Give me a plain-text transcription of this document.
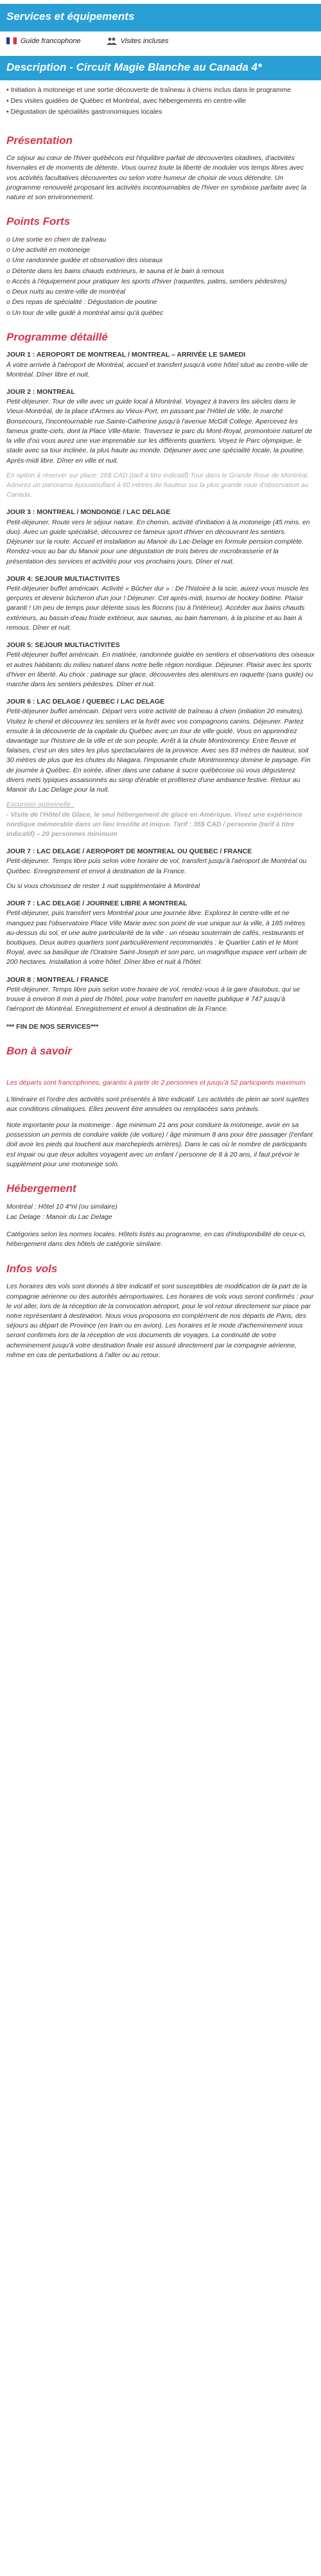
Services et équipements
Guide francophone	Visites incluses
Description - Circuit Magie Blanche au Canada 4*
• Initiation à motoneige et une sortie découverte de traîneau à chiens inclus dans le programme
• Des visites guidées de Québec et Montréal, avec hébergements en centre-ville
• Dégustation de spécialités gastronomiques locales
Présentation

Ce séjour au cœur de l'hiver québécois est l'équilibre parfait de découvertes citadines, d'activités hivernales et de moments de détente. Vous ourrez toute la liberté de moduler vos temps libres avec vos activités facultatives découvertes ou selon votre humeur de choisir de vous détendre. Un programme renouvelé proposant les activités incontournables de l'hiver en symbiose parfaite avec la nature et son environnement.

Points Forts
o Une sortie en chien de traîneau
o Une activité en motoneige
o Une randonnée guidée et observation des oiseaux
o Détente dans les bains chauds extérieurs, le sauna et le bain à remous
o Accès à l'équipement pour pratiquer les sports d'hiver (raquettes, patins, sentiers pédestres)
o Deux nuits au centre-ville de montréal
o Des repas de spécialité : Dégustation de poutine
o Un tour de ville guidé à montréal ainsi qu'à québec
Programme détaillé
JOUR 1 : AEROPORT DE MONTREAL / MONTREAL – ARRIVÉE LE SAMEDI
À votre arrivée à l'aéroport de Montréal, accueil et transfert jusqu'à votre hôtel situé au centre-ville de Montréal. Dîner libre et nuit.
JOUR 2 : MONTREAL
Petit-déjeuner. Tour de ville avec un guide local à Montréal. Voyagez à travers les siècles dans le Vieux-Montréal, de la place d'Armes au Vieux-Port, en passant par l'Hôtel de Ville, le marché Bonsecours, l'incontournable rue Sainte-Catherine jusqu'à l'avenue McGill College. Apercevez les fameux gratte-ciels, dont la Place Ville-Marie. Traversez le parc du Mont-Royal, promontoire naturel de la ville d'où vous aurez une vue imprenable sur les différents quartiers. Voyez le Parc olympique, le stade avec sa tour inclinée, la plus haute au monde. Déjeuner avec une spécialité locale, la poutine. Après-midi libre. Dîner en ville et nuit.
En option à réserver sur place: 26$ CAD (tarif à titre indicatif) Tour dans le Grande Roue de Montréal. Admirez un panorama époustouflant à 60 mètres de hauteur sur la plus grande roue d'observation au Canada.
JOUR 3 : MONTREAL / MONDONGE / LAC DELAGE
Petit-déjeuner. Route vers le séjour nature. En chemin, activité d'initiation à la motoneige (45 mins. en duo). Avec un guide spécialisé, découvrez ce fameux sport d'hiver en découvrant les sentiers. Déjeuner sur la route. Accueil et installation au Manoir du Lac-Delage en formule pension complète. Rendez-vous au bar du Manoir pour une dégustation de trois bières de microbrasserie et la présentation des services et activités pour vos prochains jours. Dîner et nuit.
JOUR 4: SEJOUR MULTIACTIVITES
Petit-déjeuner buffet américain. Activité « Bûcher dur » : De l'histoire à la scie, auxez-vous muscle les gerçures et devenir bûcheron d'un jour ! Déjeuner. Cet après-midi, tournoi de hockey bottine. Plaisir garanti ! Un peu de temps pour détente sous les flocons (ou à l'intérieur). Accéder aux bains chauds extérieurs, au bassin d'eau froide extérieur, aux saunas, au bain hammam, à la piscine et au bain à remous. Dîner et nuit.
JOUR 5: SEJOUR MULTIACTIVITES
Petit-déjeuner buffet américain. En matinée, randonnée guidée en sentiers et observations des oiseaux et autres habitants du milieu naturel dans notre belle région nordique. Déjeuner. Plaisir avec les sports d'hiver en liberté. Au choix : patinage sur glace, découvertes des alentours en raquette (sans guide) ou marche dans les sentiers pédestres. Dîner et nuit.
JOUR 6 : LAC DELAGE / QUEBEC / LAC DELAGE
Petit-déjeuner buffet américain. Départ vers votre activité de traîneau à chien (initiation 20 minutes). Visitez le chenil et découvrez les sentiers et la forêt avec vos compagnons canins. Déjeuner. Partez ensuite à la découverte de la capitale du Québec avec un tour de ville guidé. Vous en apprendrez davantage sur l'histoire de la ville et de son peuple. Arrêt à la chute Montmorency. Entre fleuve et falaises, c'est un des sites les plus spectaculaires de la province. Avec ses 83 mètres de hauteur, soit 30 mètres de plus que les chutes du Niagara, l'imposante chute Montmorency domine le paysage. Fin de journée à Québec. En soirée, dîner dans une cabane à sucre québécoise où vous dégusterez divers mets typiques assaisonnés au sirop d'érable et profiterez d'une ambiance festive. Retour au Manoir du Lac Delage pour la nuit.
Excursion optionnelle :
- Visite de l'Hôtel de Glace, le seul hébergement de glace en Amérique. Vivez une expérience nordique mémorable dans un lieu insolite et inique. Tarif : 35$ CAD / personne (tarif à titre indicatif) – 20 personnes minimum
JOUR 7 : LAC DELAGE / AEROPORT DE MONTREAL OU QUEBEC / FRANCE
Petit-déjeuner. Temps libre puis selon votre horaire de vol, transfert jusqu'à l'aéroport de Montréal ou Québec. Enregistrement et envol à destination de la France.
Ou si vous choisissez de rester 1 nuit supplémentaire à Montréal
JOUR 7 : LAC DELAGE / JOURNEE LIBRE A MONTREAL
Petit-déjeuner, puis transfert vers Montréal pour une journée libre. Explorez le centre-ville et ne manquez pas l'observatoire Place Ville Marie avec son point de vue unique sur la ville, à 185 mètres au-dessus du sol, et une autre particularité de la ville : un réseau souterrain de cafés, restaurants et boutiques. Deux autres quartiers sont particulièrement recommandés : le Quartier Latin et le Mont Royal, avec sa basilique de l'Oratoire Saint-Joseph et son parc, un magnifique espace vert urbain de 200 hectares. Installation à votre hôtel. Dîner libre et nuit à l'hôtel.
JOUR 8 : MONTREAL / FRANCE
Petit-déjeuner. Temps libre puis selon votre horaire de vol, rendez-vous à la gare d'autobus, qui se trouve à environ 8 min à pied de l'hôtel, pour votre transfert en navette publique # 747 jusqu'à l'aéroport de Montréal. Enregistrement et envol à destination de la France.
*** FIN DE NOS SERVICES***
Bon à savoir

Les départs sont francophones, garantis à partir de 2 personnes et jusqu'à 52 participants maximum.

L'itinéraire et l'ordre des activités sont présentés à titre indicatif. Les activités de plein air sont sujettes aux conditions climatiques. Elles peuvent être annulées ou remplacées sans préavis.

Note importante pour la motoneige : âge minimum 21 ans pour conduire la motoneige, avoir en sa possession un permis de conduire valide (de voiture) / âge minimum 8 ans pour être passager (l'enfant doit avoir les pieds qui touchent aux marchepieds arrières). Dans le cas où le nombre de participants est impair ou que deux adultes voyagent avec un enfant / personne de 8 à 20 ans, il faut prévoir le supplément pour une motoneige solo.

Hébergement
Montréal : Hôtel 10 4*nl (ou similaire)
Lac Delage : Manoir du Lac Delage

Catégories selon les normes locales. Hôtels listés au programme, en cas d'indisponibilité de ceux-ci, hébergement dans des hôtels de catégorie similaire.

Infos vols

Les horaires des vols sont donnés à titre indicatif et sont susceptibles de modification de la part de la compagnie aérienne ou des autorités aéroportuaires. Les horaires de vols vous seront confirmés : pour le vol aller, lors de la réception de la convocation aéroport, pour le vol retour directement sur place par notre représentant à destination. Nous vous proposons en complément de nos départs de Paris, des séjours au départ de Province (en train ou en avion). Les horaires et le mode d'acheminement vous seront confirmés lors de la réception de vos documents de voyages. La continuité de votre acheminement jusqu'à votre destination finale est assuré directement par la compagnie aérienne, même en cas de perturbations à l'aller ou au retour.
